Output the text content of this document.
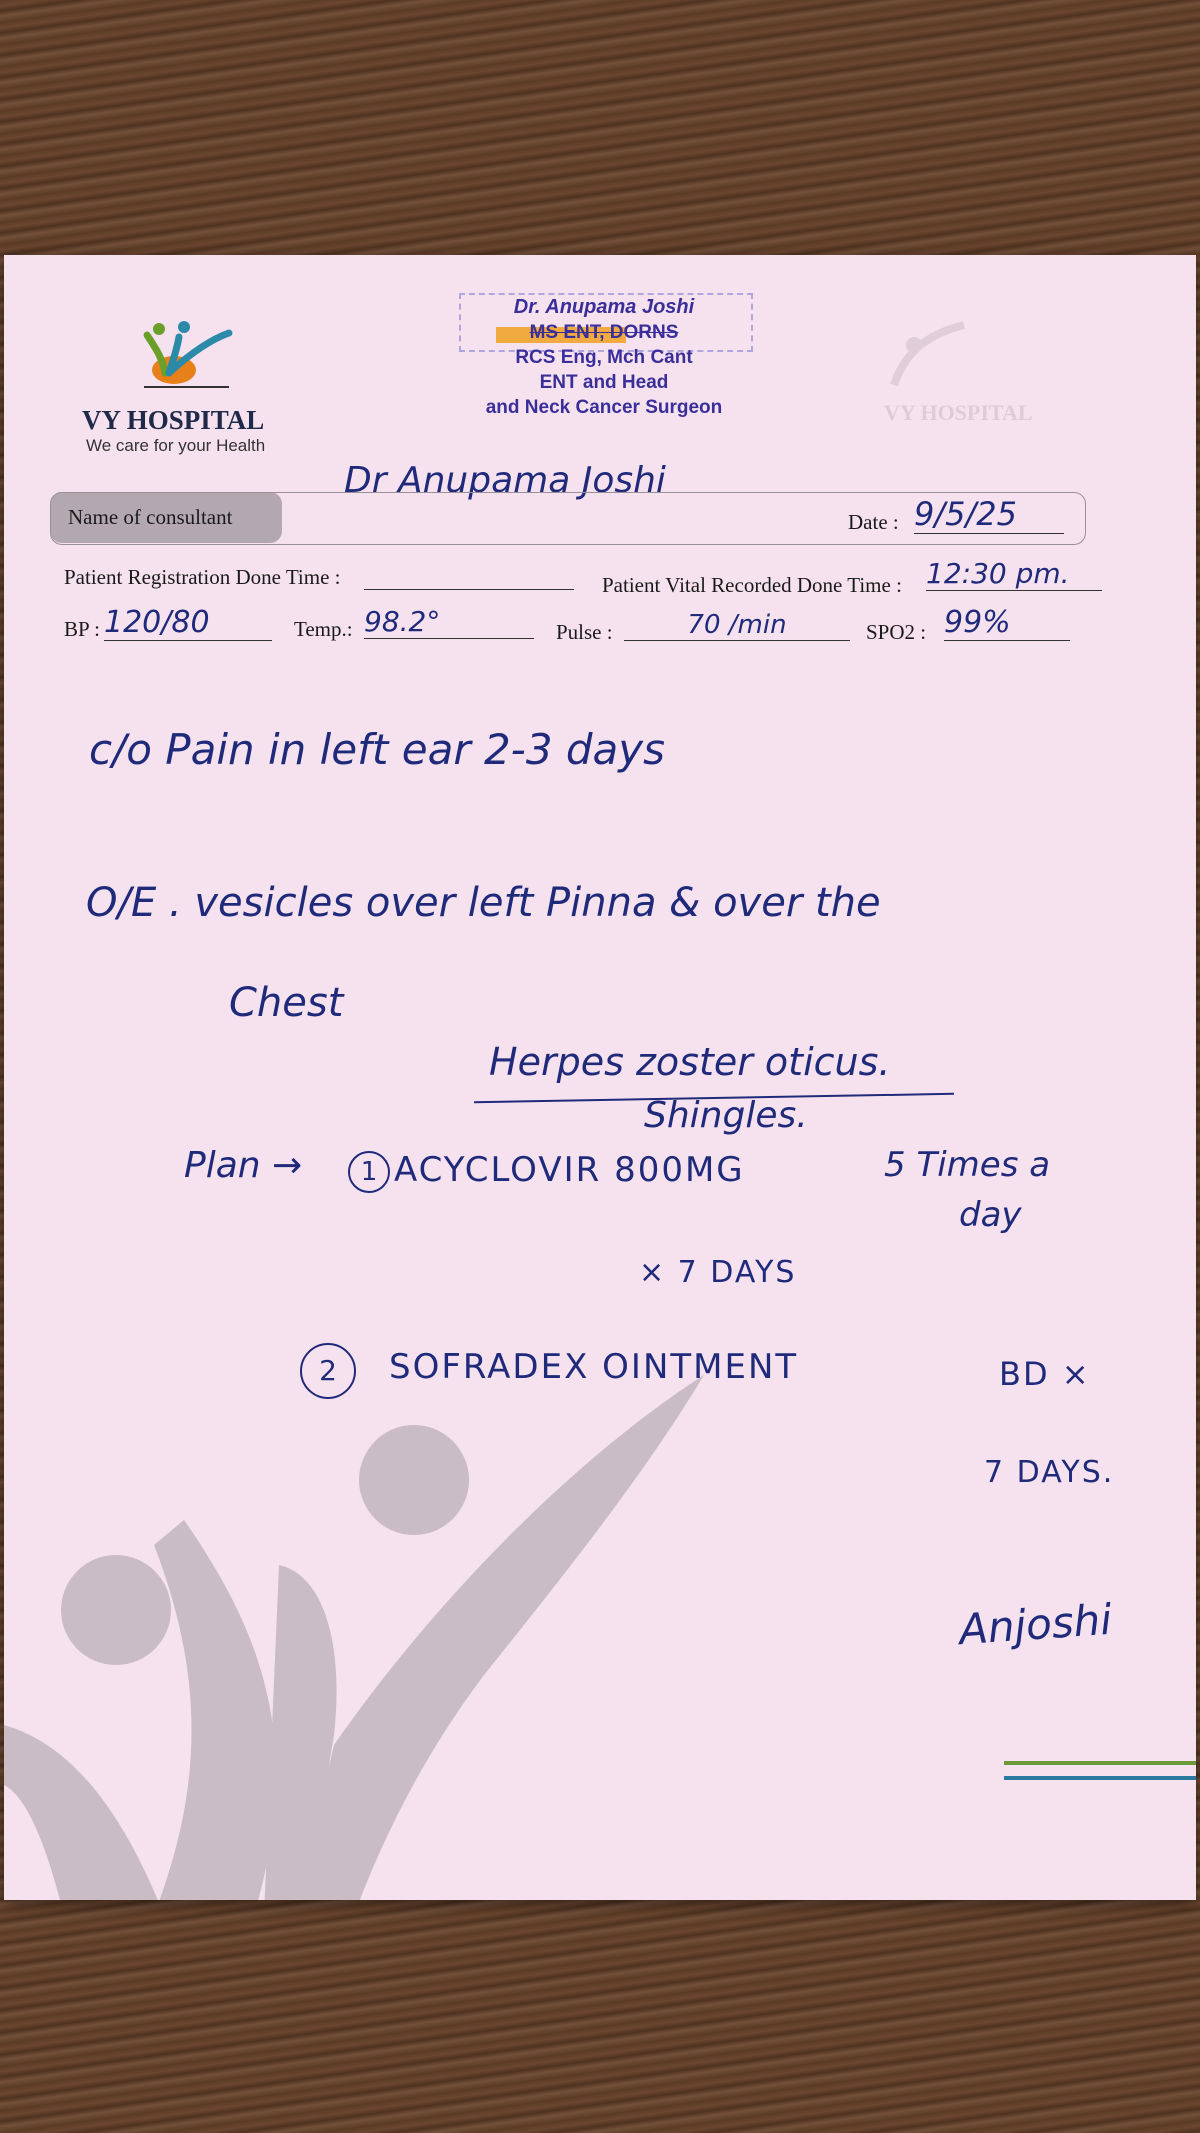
VY HOSPITAL
VY HOSPITAL
We care for your Health
Dr. Anupama Joshi
MS ENT, DORNS
RCS Eng, Mch Cant
ENT and Head
and Neck Cancer Surgeon
Dr Anupama Joshi
Name of consultant	Date : 9/5/25
Patient Registration Done Time :	Patient Vital Recorded Done Time : 12:30 pm.
BP : 120/80	Temp.: 98.2°	Pulse :	70 /min	SPO2 : 99%
c/o Pain in left ear 2-3 days
O/E . vesicles over left Pinna & over the
Chest
Herpes zoster oticus.
Shingles.
Plan →	1 ACYCLOVIR 800MG	5 Times a
day
× 7 DAYS
2	SOFRADEX OINTMENT	BD ×
7 DAYS.
Anjoshi
